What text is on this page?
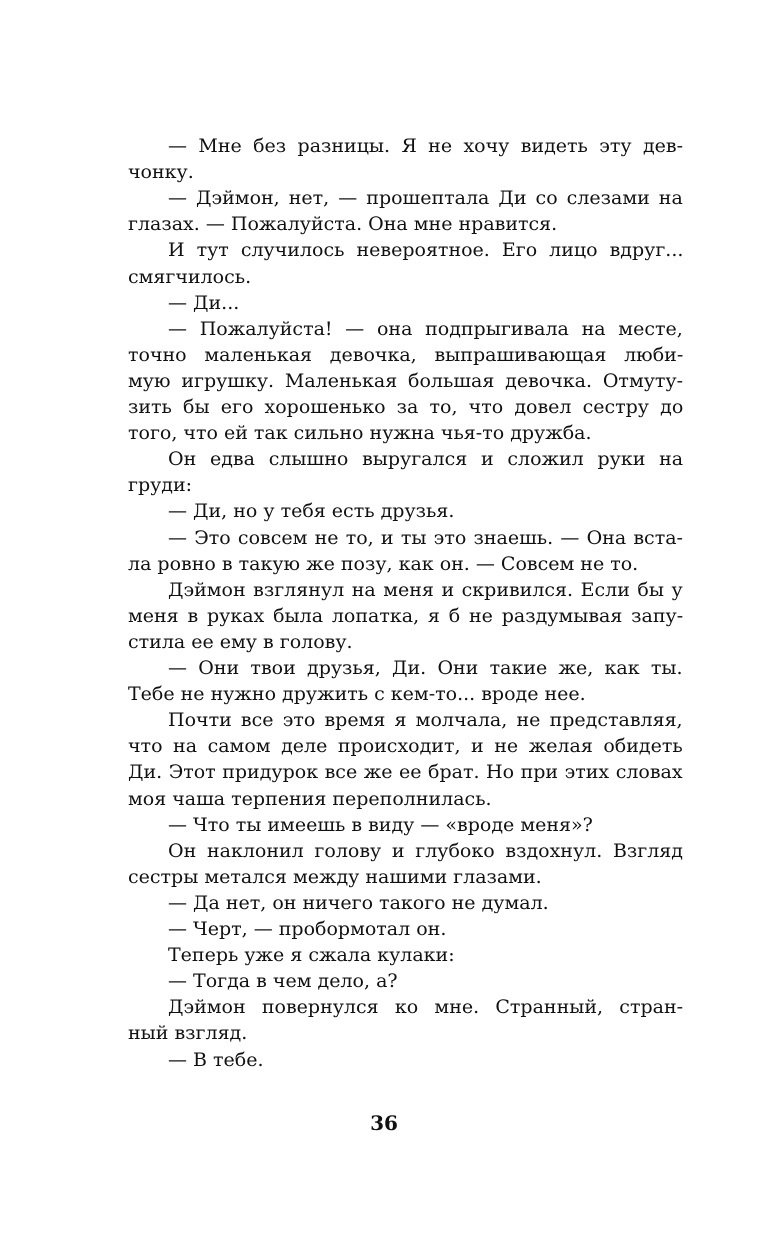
— Мне без разницы. Я не хочу видеть эту дев-
чонку.
— Дэймон, нет, — прошептала Ди со слезами на
глазах. — Пожалуйста. Она мне нравится.
И тут случилось невероятное. Его лицо вдруг...
смягчилось.
— Ди...
— Пожалуйста! — она подпрыгивала на месте,
точно маленькая девочка, выпрашивающая люби-
мую игрушку. Маленькая большая девочка. Отмуту-
зить бы его хорошенько за то, что довел сестру до
того, что ей так сильно нужна чья-то дружба.
Он едва слышно выругался и сложил руки на
груди:
— Ди, но у тебя есть друзья.
— Это совсем не то, и ты это знаешь. — Она вста-
ла ровно в такую же позу, как он. — Совсем не то.
Дэймон взглянул на меня и скривился. Если бы у
меня в руках была лопатка, я б не раздумывая запу-
стила ее ему в голову.
— Они твои друзья, Ди. Они такие же, как ты.
Тебе не нужно дружить с кем-то... вроде нее.
Почти все это время я молчала, не представляя,
что на самом деле происходит, и не желая обидеть
Ди. Этот придурок все же ее брат. Но при этих словах
моя чаша терпения переполнилась.
— Что ты имеешь в виду — «вроде меня»?
Он наклонил голову и глубоко вздохнул. Взгляд
сестры метался между нашими глазами.
— Да нет, он ничего такого не думал.
— Черт, — пробормотал он.
Теперь уже я сжала кулаки:
— Тогда в чем дело, а?
Дэймон повернулся ко мне. Странный, стран-
ный взгляд.
— В тебе.
36
